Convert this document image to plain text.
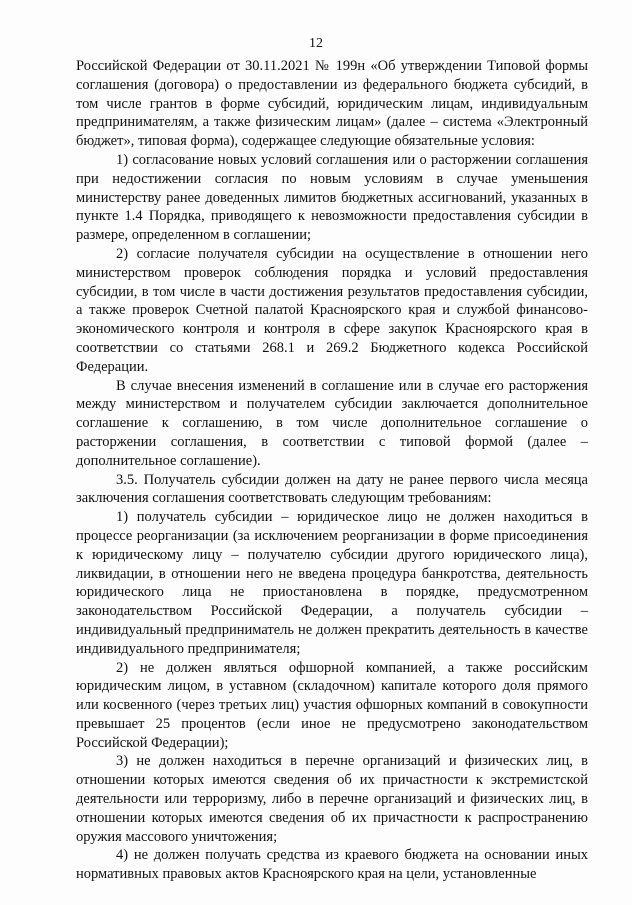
12

Российской Федерации от 30.11.2021 № 199н «Об утверждении Типовой формы соглашения (договора) о предоставлении из федерального бюджета субсидий, в том числе грантов в форме субсидий, юридическим лицам, индивидуальным предпринимателям, а также физическим лицам» (далее – система «Электронный бюджет», типовая форма), содержащее следующие обязательные условия:

1) согласование новых условий соглашения или о расторжении соглашения при недостижении согласия по новым условиям в случае уменьшения министерству ранее доведенных лимитов бюджетных ассигнований, указанных в пункте 1.4 Порядка, приводящего к невозможности предоставления субсидии в размере, определенном в соглашении;

2) согласие получателя субсидии на осуществление в отношении него министерством проверок соблюдения порядка и условий предоставления субсидии, в том числе в части достижения результатов предоставления субсидии, а также проверок Счетной палатой Красноярского края и службой финансово-экономического контроля и контроля в сфере закупок Красноярского края в соответствии со статьями 268.1 и 269.2 Бюджетного кодекса Российской Федерации.

В случае внесения изменений в соглашение или в случае его расторжения между министерством и получателем субсидии заключается дополнительное соглашение к соглашению, в том числе дополнительное соглашение о расторжении соглашения, в соответствии с типовой формой (далее – дополнительное соглашение).

3.5. Получатель субсидии должен на дату не ранее первого числа месяца заключения соглашения соответствовать следующим требованиям:

1) получатель субсидии – юридическое лицо не должен находиться в процессе реорганизации (за исключением реорганизации в форме присоединения к юридическому лицу – получателю субсидии другого юридического лица), ликвидации, в отношении него не введена процедура банкротства, деятельность юридического лица не приостановлена в порядке, предусмотренном законодательством Российской Федерации, а получатель субсидии – индивидуальный предприниматель не должен прекратить деятельность в качестве индивидуального предпринимателя;

2) не должен являться офшорной компанией, а также российским юридическим лицом, в уставном (складочном) капитале которого доля прямого или косвенного (через третьих лиц) участия офшорных компаний в совокупности превышает 25 процентов (если иное не предусмотрено законодательством Российской Федерации);

3) не должен находиться в перечне организаций и физических лиц, в отношении которых имеются сведения об их причастности к экстремистской деятельности или терроризму, либо в перечне организаций и физических лиц, в отношении которых имеются сведения об их причастности к распространению оружия массового уничтожения;

4) не должен получать средства из краевого бюджета на основании иных нормативных правовых актов Красноярского края на цели, установленные
